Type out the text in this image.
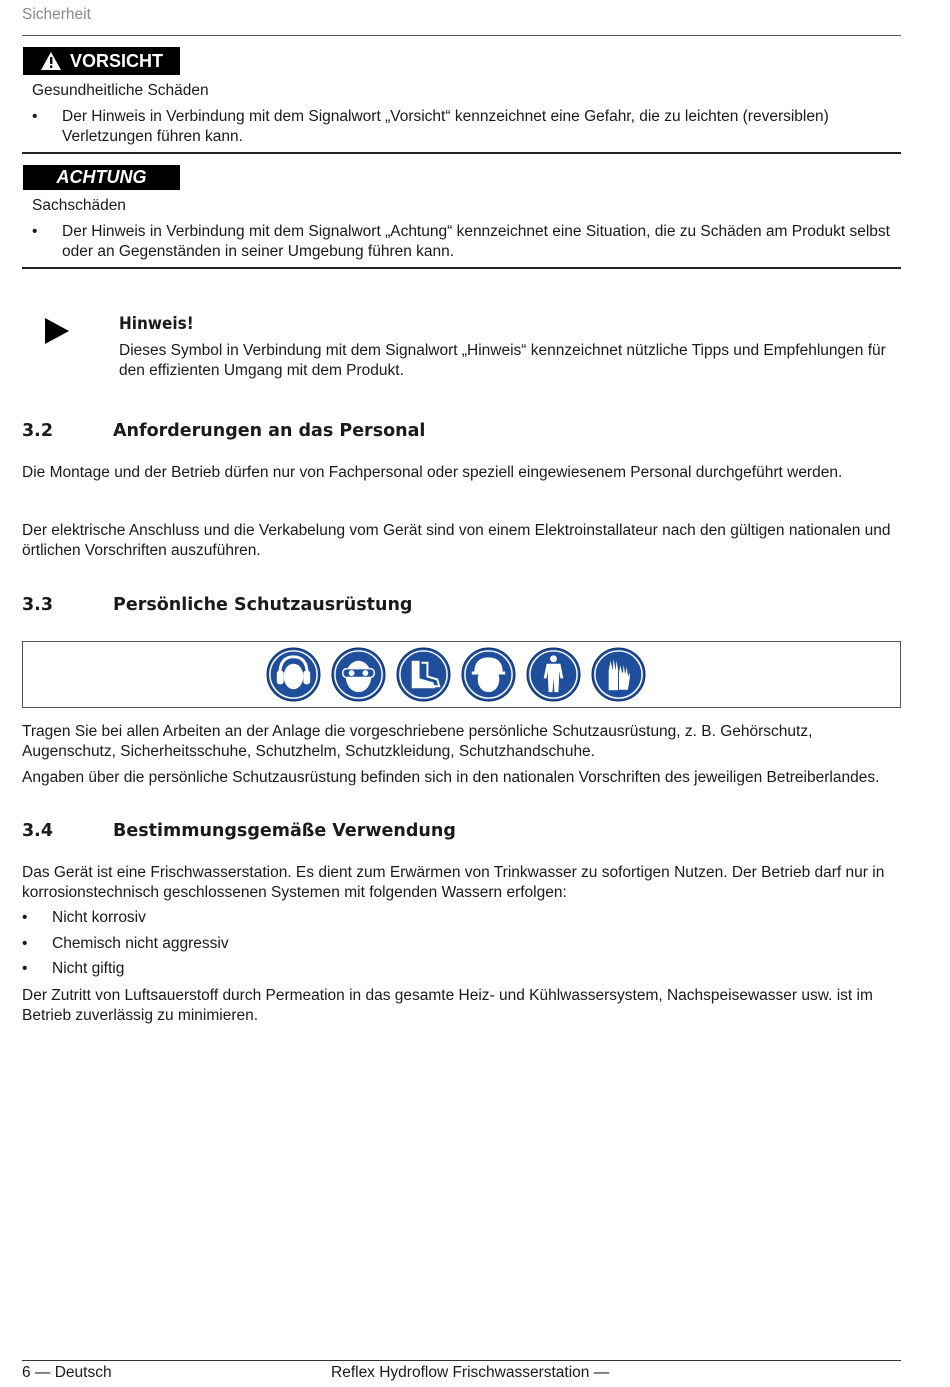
Sicherheit
VORSICHT
Gesundheitliche Schäden
• Der Hinweis in Verbindung mit dem Signalwort „Vorsicht“ kennzeichnet eine Gefahr, die zu leichten (reversiblen) Verletzungen führen kann.
ACHTUNG
Sachschäden
• Der Hinweis in Verbindung mit dem Signalwort „Achtung“ kennzeichnet eine Situation, die zu Schäden am Produkt selbst oder an Gegenständen in seiner Umgebung führen kann.
Hinweis!
Dieses Symbol in Verbindung mit dem Signalwort „Hinweis“ kennzeichnet nützliche Tipps und Empfehlungen für den effizienten Umgang mit dem Produkt.
3.2	Anforderungen an das Personal
Die Montage und der Betrieb dürfen nur von Fachpersonal oder speziell eingewiesenem Personal durchgeführt werden.
Der elektrische Anschluss und die Verkabelung vom Gerät sind von einem Elektroinstallateur nach den gültigen nationalen und örtlichen Vorschriften auszuführen.
3.3	Persönliche Schutzausrüstung
Tragen Sie bei allen Arbeiten an der Anlage die vorgeschriebene persönliche Schutzausrüstung, z. B. Gehörschutz, Augenschutz, Sicherheitsschuhe, Schutzhelm, Schutzkleidung, Schutzhandschuhe.
Angaben über die persönliche Schutzausrüstung befinden sich in den nationalen Vorschriften des jeweiligen Betreiberlandes.
3.4	Bestimmungsgemäße Verwendung
Das Gerät ist eine Frischwasserstation. Es dient zum Erwärmen von Trinkwasser zu sofortigen Nutzen. Der Betrieb darf nur in korrosionstechnisch geschlossenen Systemen mit folgenden Wassern erfolgen:
• Nicht korrosiv
• Chemisch nicht aggressiv
• Nicht giftig
Der Zutritt von Luftsauerstoff durch Permeation in das gesamte Heiz- und Kühlwassersystem, Nachspeisewasser usw. ist im Betrieb zuverlässig zu minimieren.
6 — Deutsch	Reflex Hydroflow Frischwasserstation —
